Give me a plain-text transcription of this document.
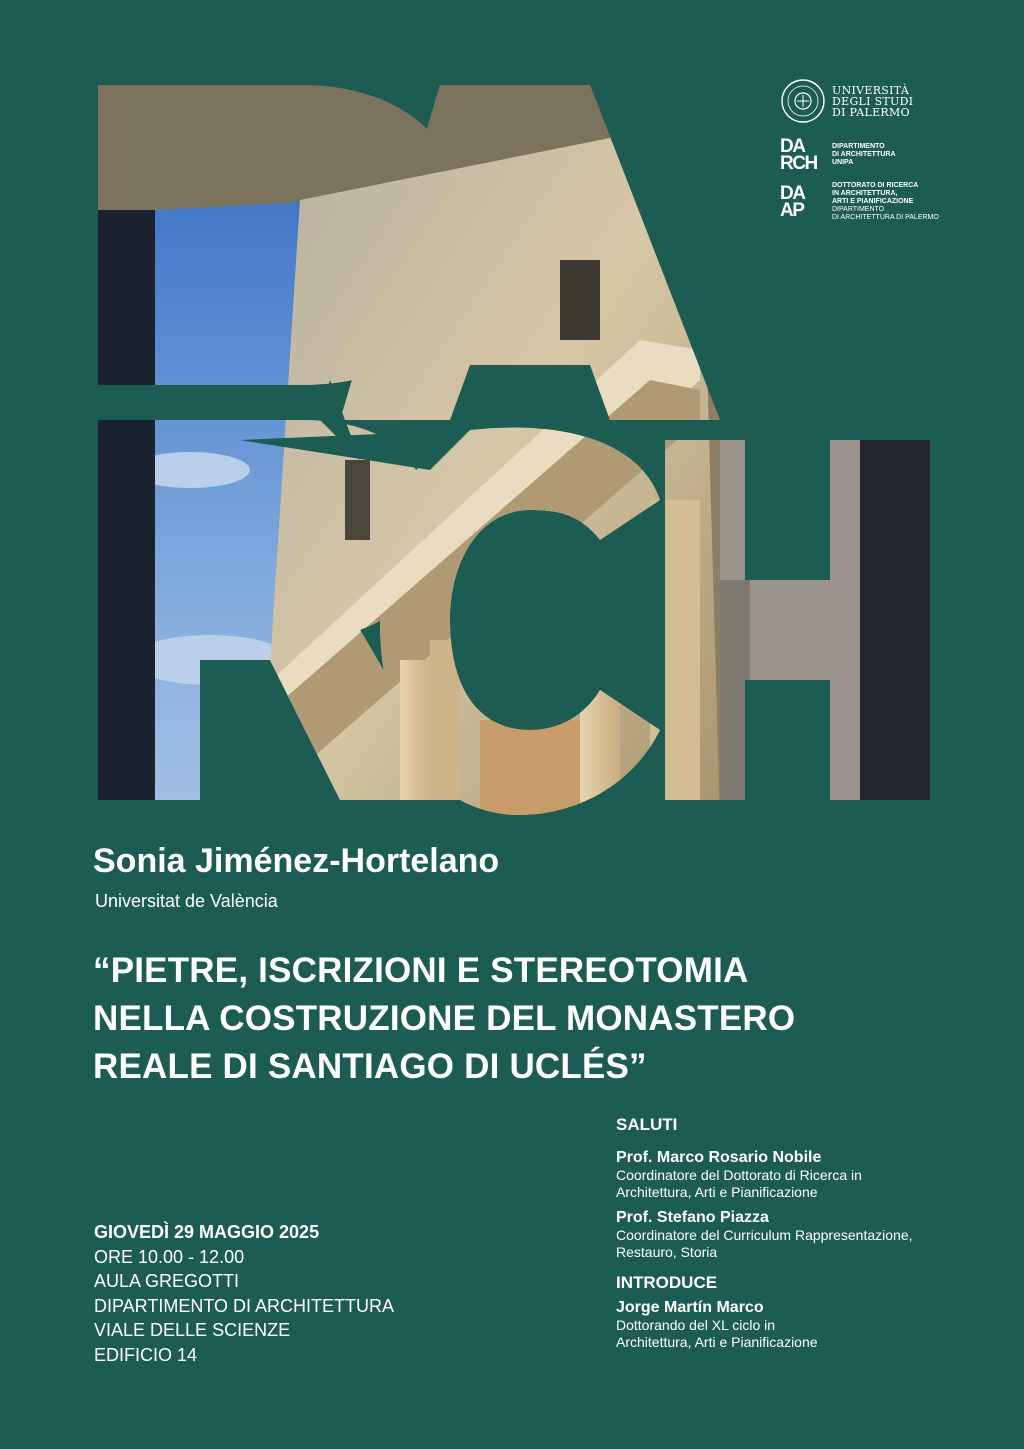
UNIVERSITÀ
DEGLI STUDI
DI PALERMO
DA
RCH
DIPARTIMENTO
DI ARCHITETTURA
UNIPA
DA
AP
DOTTORATO DI RICERCA
IN ARCHITETTURA,
ARTI E PIANIFICAZIONE
DIPARTIMENTO
DI ARCHITETTURA DI PALERMO
Sonia Jiménez-Hortelano
Universitat de València
“PIETRE, ISCRIZIONI E STEREOTOMIA
NELLA COSTRUZIONE DEL MONASTERO
REALE DI SANTIAGO DI UCLÉS”
GIOVEDÌ 29 MAGGIO 2025
ORE 10.00 - 12.00
AULA GREGOTTI
DIPARTIMENTO DI ARCHITETTURA
VIALE DELLE SCIENZE
EDIFICIO 14
SALUTI
Prof. Marco Rosario Nobile
Coordinatore del Dottorato di Ricerca in
Architettura, Arti e Pianificazione
Prof. Stefano Piazza
Coordinatore del Curriculum Rappresentazione,
Restauro, Storia
INTRODUCE
Jorge Martín Marco
Dottorando del XL ciclo in
Architettura, Arti e Pianificazione
